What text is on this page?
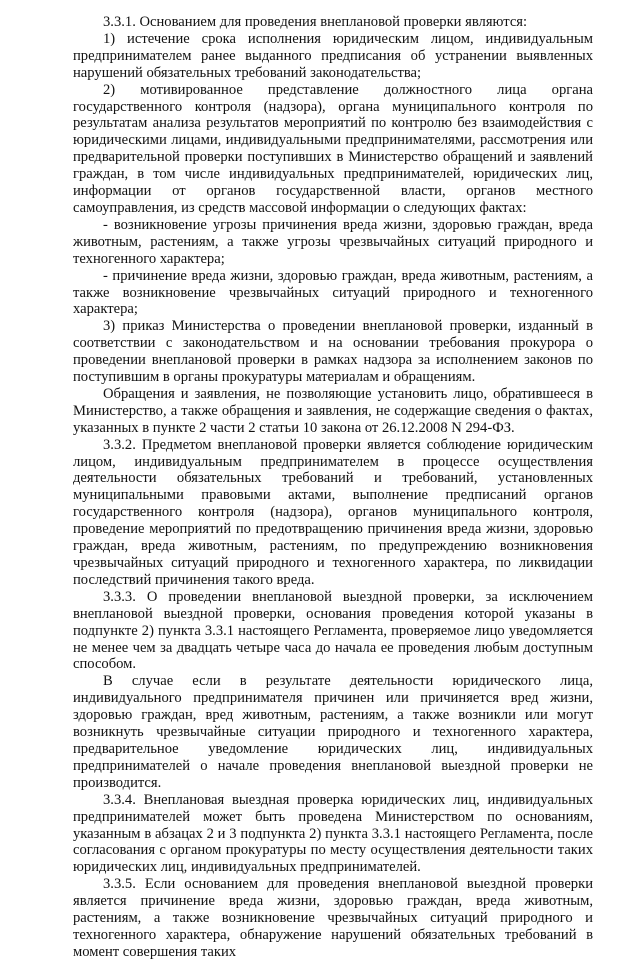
3.3.1. Основанием для проведения внеплановой проверки являются:

1) истечение срока исполнения юридическим лицом, индивидуальным предпринимателем ранее выданного предписания об устранении выявленных нарушений обязательных требований законодательства;

2) мотивированное представление должностного лица органа государственного контроля (надзора), органа муниципального контроля по результатам анализа результатов мероприятий по контролю без взаимодействия с юридическими лицами, индивидуальными предпринимателями, рассмотрения или предварительной проверки поступивших в Министерство обращений и заявлений граждан, в том числе индивидуальных предпринимателей, юридических лиц, информации от органов государственной власти, органов местного самоуправления, из средств массовой информации о следующих фактах:

- возникновение угрозы причинения вреда жизни, здоровью граждан, вреда животным, растениям, а также угрозы чрезвычайных ситуаций природного и техногенного характера;

- причинение вреда жизни, здоровью граждан, вреда животным, растениям, а также возникновение чрезвычайных ситуаций природного и техногенного характера;

3) приказ Министерства о проведении внеплановой проверки, изданный в соответствии с законодательством и на основании требования прокурора о проведении внеплановой проверки в рамках надзора за исполнением законов по поступившим в органы прокуратуры материалам и обращениям.

Обращения и заявления, не позволяющие установить лицо, обратившееся в Министерство, а также обращения и заявления, не содержащие сведения о фактах, указанных в пункте 2 части 2 статьи 10 закона от 26.12.2008 N 294-ФЗ.

3.3.2. Предметом внеплановой проверки является соблюдение юридическим лицом, индивидуальным предпринимателем в процессе осуществления деятельности обязательных требований и требований, установленных муниципальными правовыми актами, выполнение предписаний органов государственного контроля (надзора), органов муниципального контроля, проведение мероприятий по предотвращению причинения вреда жизни, здоровью граждан, вреда животным, растениям, по предупреждению возникновения чрезвычайных ситуаций природного и техногенного характера, по ликвидации последствий причинения такого вреда.

3.3.3. О проведении внеплановой выездной проверки, за исключением внеплановой выездной проверки, основания проведения которой указаны в подпункте 2) пункта 3.3.1 настоящего Регламента, проверяемое лицо уведомляется не менее чем за двадцать четыре часа до начала ее проведения любым доступным способом.

В случае если в результате деятельности юридического лица, индивидуального предпринимателя причинен или причиняется вред жизни, здоровью граждан, вред животным, растениям, а также возникли или могут возникнуть чрезвычайные ситуации природного и техногенного характера, предварительное уведомление юридических лиц, индивидуальных предпринимателей о начале проведения внеплановой выездной проверки не производится.

3.3.4. Внеплановая выездная проверка юридических лиц, индивидуальных предпринимателей может быть проведена Министерством по основаниям, указанным в абзацах 2 и 3 подпункта 2) пункта 3.3.1 настоящего Регламента, после согласования с органом прокуратуры по месту осуществления деятельности таких юридических лиц, индивидуальных предпринимателей.

3.3.5. Если основанием для проведения внеплановой выездной проверки является причинение вреда жизни, здоровью граждан, вреда животным, растениям, а также возникновение чрезвычайных ситуаций природного и техногенного характера, обнаружение нарушений обязательных требований в момент совершения таких
